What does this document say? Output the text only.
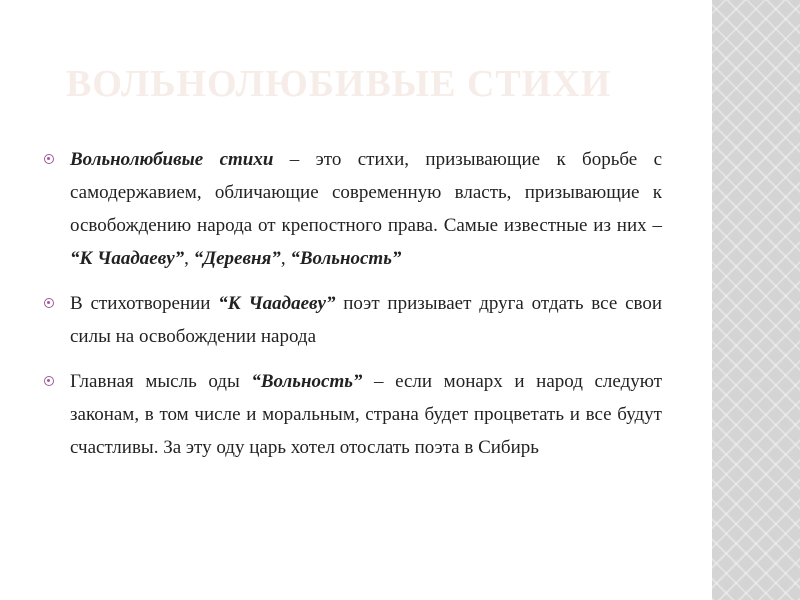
ВОЛЬНОЛЮБИВЫЕ СТИХИ
Вольнолюбивые стихи – это стихи, призывающие к борьбе с самодержавием, обличающие современную власть, призывающие к освобождению народа от крепостного права. Самые известные из них – “К Чаадаеву”, “Деревня”, “Вольность”
В стихотворении “К Чаадаеву” поэт призывает друга отдать все свои силы на освобождении народа
Главная мысль оды “Вольность” – если монарх и народ следуют законам, в том числе и моральным, страна будет процветать и все будут счастливы. За эту оду царь хотел отослать поэта в Сибирь
